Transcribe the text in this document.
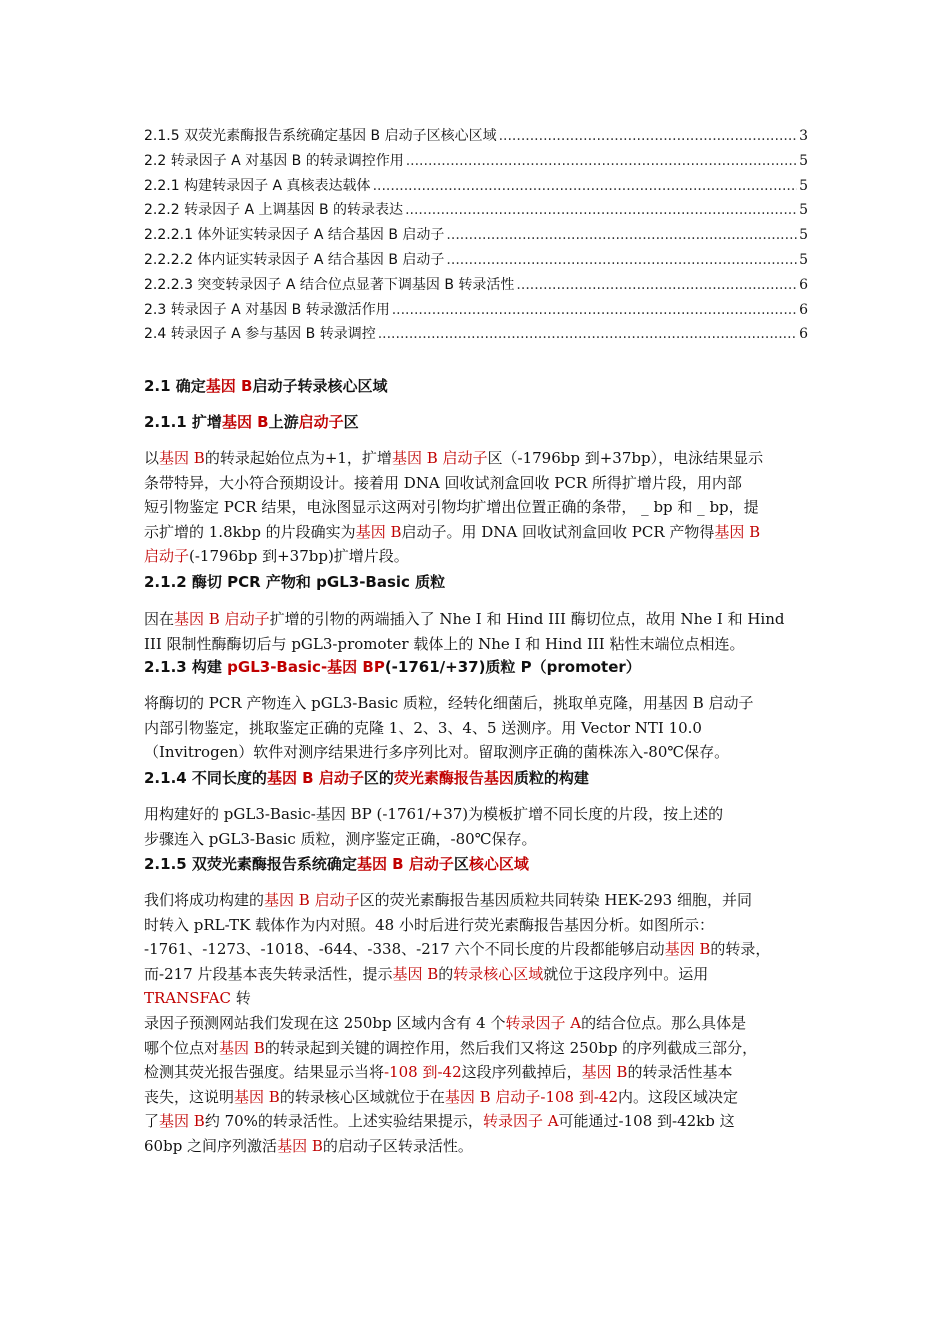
2.1.5 双荧光素酶报告系统确定基因 B 启动子区核心区域 .....	3
2.2 转录因子 A 对基因 B 的转录调控作用 .....	5
2.2.1 构建转录因子 A 真核表达载体 .....	5
2.2.2 转录因子 A 上调基因 B 的转录表达 .....	5
2.2.2.1 体外证实转录因子 A 结合基因 B 启动子 .....	5
2.2.2.2 体内证实转录因子 A 结合基因 B 启动子 .....	5
2.2.2.3 突变转录因子 A 结合位点显著下调基因 B 转录活性 .....	6
2.3 转录因子 A 对基因 B 转录激活作用 .....	6
2.4 转录因子 A 参与基因 B 转录调控 .....	6
2.1 确定基因 B启动子转录核心区域
2.1.1 扩增基因 B上游启动子区

以基因 B的转录起始位点为+1，扩增基因 B 启动子区（-1796bp 到+37bp），电泳结果显示

条带特异，大小符合预期设计。接着用 DNA 回收试剂盒回收 PCR 所得扩增片段，用内部

短引物鉴定 PCR 结果，电泳图显示这两对引物均扩增出位置正确的条带， _ bp 和 _ bp，提

示扩增的 1.8kbp 的片段确实为基因 B启动子。用 DNA 回收试剂盒回收 PCR 产物得基因 B

启动子(-1796bp 到+37bp)扩增片段。

2.1.2 酶切 PCR 产物和 pGL3-Basic 质粒

因在基因 B 启动子扩增的引物的两端插入了 Nhe I 和 Hind III 酶切位点，故用 Nhe I 和 Hind

III 限制性酶酶切后与 pGL3-promoter 载体上的 Nhe I 和 Hind III 粘性末端位点相连。

2.1.3 构建 pGL3-Basic-基因 BP(-1761/+37)质粒 P（promoter）

将酶切的 PCR 产物连入 pGL3-Basic 质粒，经转化细菌后，挑取单克隆，用基因 B 启动子

内部引物鉴定，挑取鉴定正确的克隆 1、2、3、4、5 送测序。用 Vector NTI 10.0

（Invitrogen）软件对测序结果进行多序列比对。留取测序正确的菌株冻入-80℃保存。

2.1.4 不同长度的基因 B 启动子区的荧光素酶报告基因质粒的构建

用构建好的 pGL3-Basic-基因 BP (-1761/+37)为模板扩增不同长度的片段，按上述的

步骤连入 pGL3-Basic 质粒，测序鉴定正确，-80℃保存。

2.1.5 双荧光素酶报告系统确定基因 B 启动子区核心区域

我们将成功构建的基因 B 启动子区的荧光素酶报告基因质粒共同转染 HEK-293 细胞，并同

时转入 pRL-TK 载体作为内对照。48 小时后进行荧光素酶报告基因分析。如图所示：

-1761、-1273、-1018、-644、-338、-217 六个不同长度的片段都能够启动基因 B的转录，

而-217 片段基本丧失转录活性，提示基因 B的转录核心区域就位于这段序列中。运用

TRANSFAC 转

录因子预测网站我们发现在这 250bp 区域内含有 4 个转录因子 A的结合位点。那么具体是

哪个位点对基因 B的转录起到关键的调控作用，然后我们又将这 250bp 的序列截成三部分，

检测其荧光报告强度。结果显示当将-108 到-42这段序列截掉后，基因 B的转录活性基本

丧失，这说明基因 B的转录核心区域就位于在基因 B 启动子-108 到-42内。这段区域决定

了基因 B约 70%的转录活性。上述实验结果提示，转录因子 A可能通过-108 到-42kb 这

60bp 之间序列激活基因 B的启动子区转录活性。
